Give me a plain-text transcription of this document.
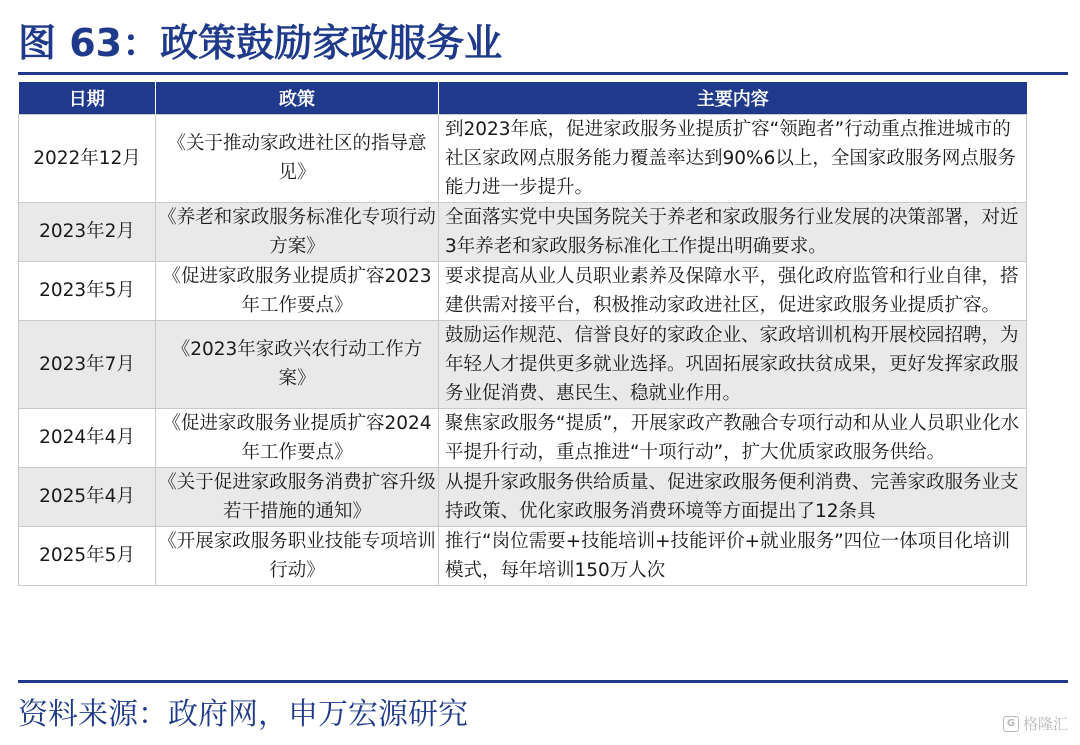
图 63：政策鼓励家政服务业
日期	政策	主要内容
2022年12月	《关于推动家政进社区的指导意见》	到2023年底，促进家政服务业提质扩容“领跑者”行动重点推进城市的社区家政网点服务能力覆盖率达到90%6以上，全国家政服务网点服务能力进一步提升。
2023年2月	《养老和家政服务标准化专项行动方案》	全面落实党中央国务院关于养老和家政服务行业发展的决策部署，对近3年养老和家政服务标准化工作提出明确要求。
2023年5月	《促进家政服务业提质扩容2023年工作要点》	要求提高从业人员职业素养及保障水平，强化政府监管和行业自律，搭建供需对接平台，积极推动家政进社区，促进家政服务业提质扩容。
2023年7月	《2023年家政兴农行动工作方案》	鼓励运作规范、信誉良好的家政企业、家政培训机构开展校园招聘，为年轻人才提供更多就业选择。巩固拓展家政扶贫成果，更好发挥家政服务业促消费、惠民生、稳就业作用。
2024年4月	《促进家政服务业提质扩容2024年工作要点》	聚焦家政服务“提质”，开展家政产教融合专项行动和从业人员职业化水平提升行动，重点推进“十项行动”，扩大优质家政服务供给。
2025年4月	《关于促进家政服务消费扩容升级若干措施的通知》	从提升家政服务供给质量、促进家政服务便利消费、完善家政服务业支持政策、优化家政服务消费环境等方面提出了12条具
2025年5月	《开展家政服务职业技能专项培训行动》	推行“岗位需要+技能培训+技能评价+就业服务”四位一体项目化培训模式，每年培训150万人次
资料来源：政府网，申万宏源研究	G 格隆汇
